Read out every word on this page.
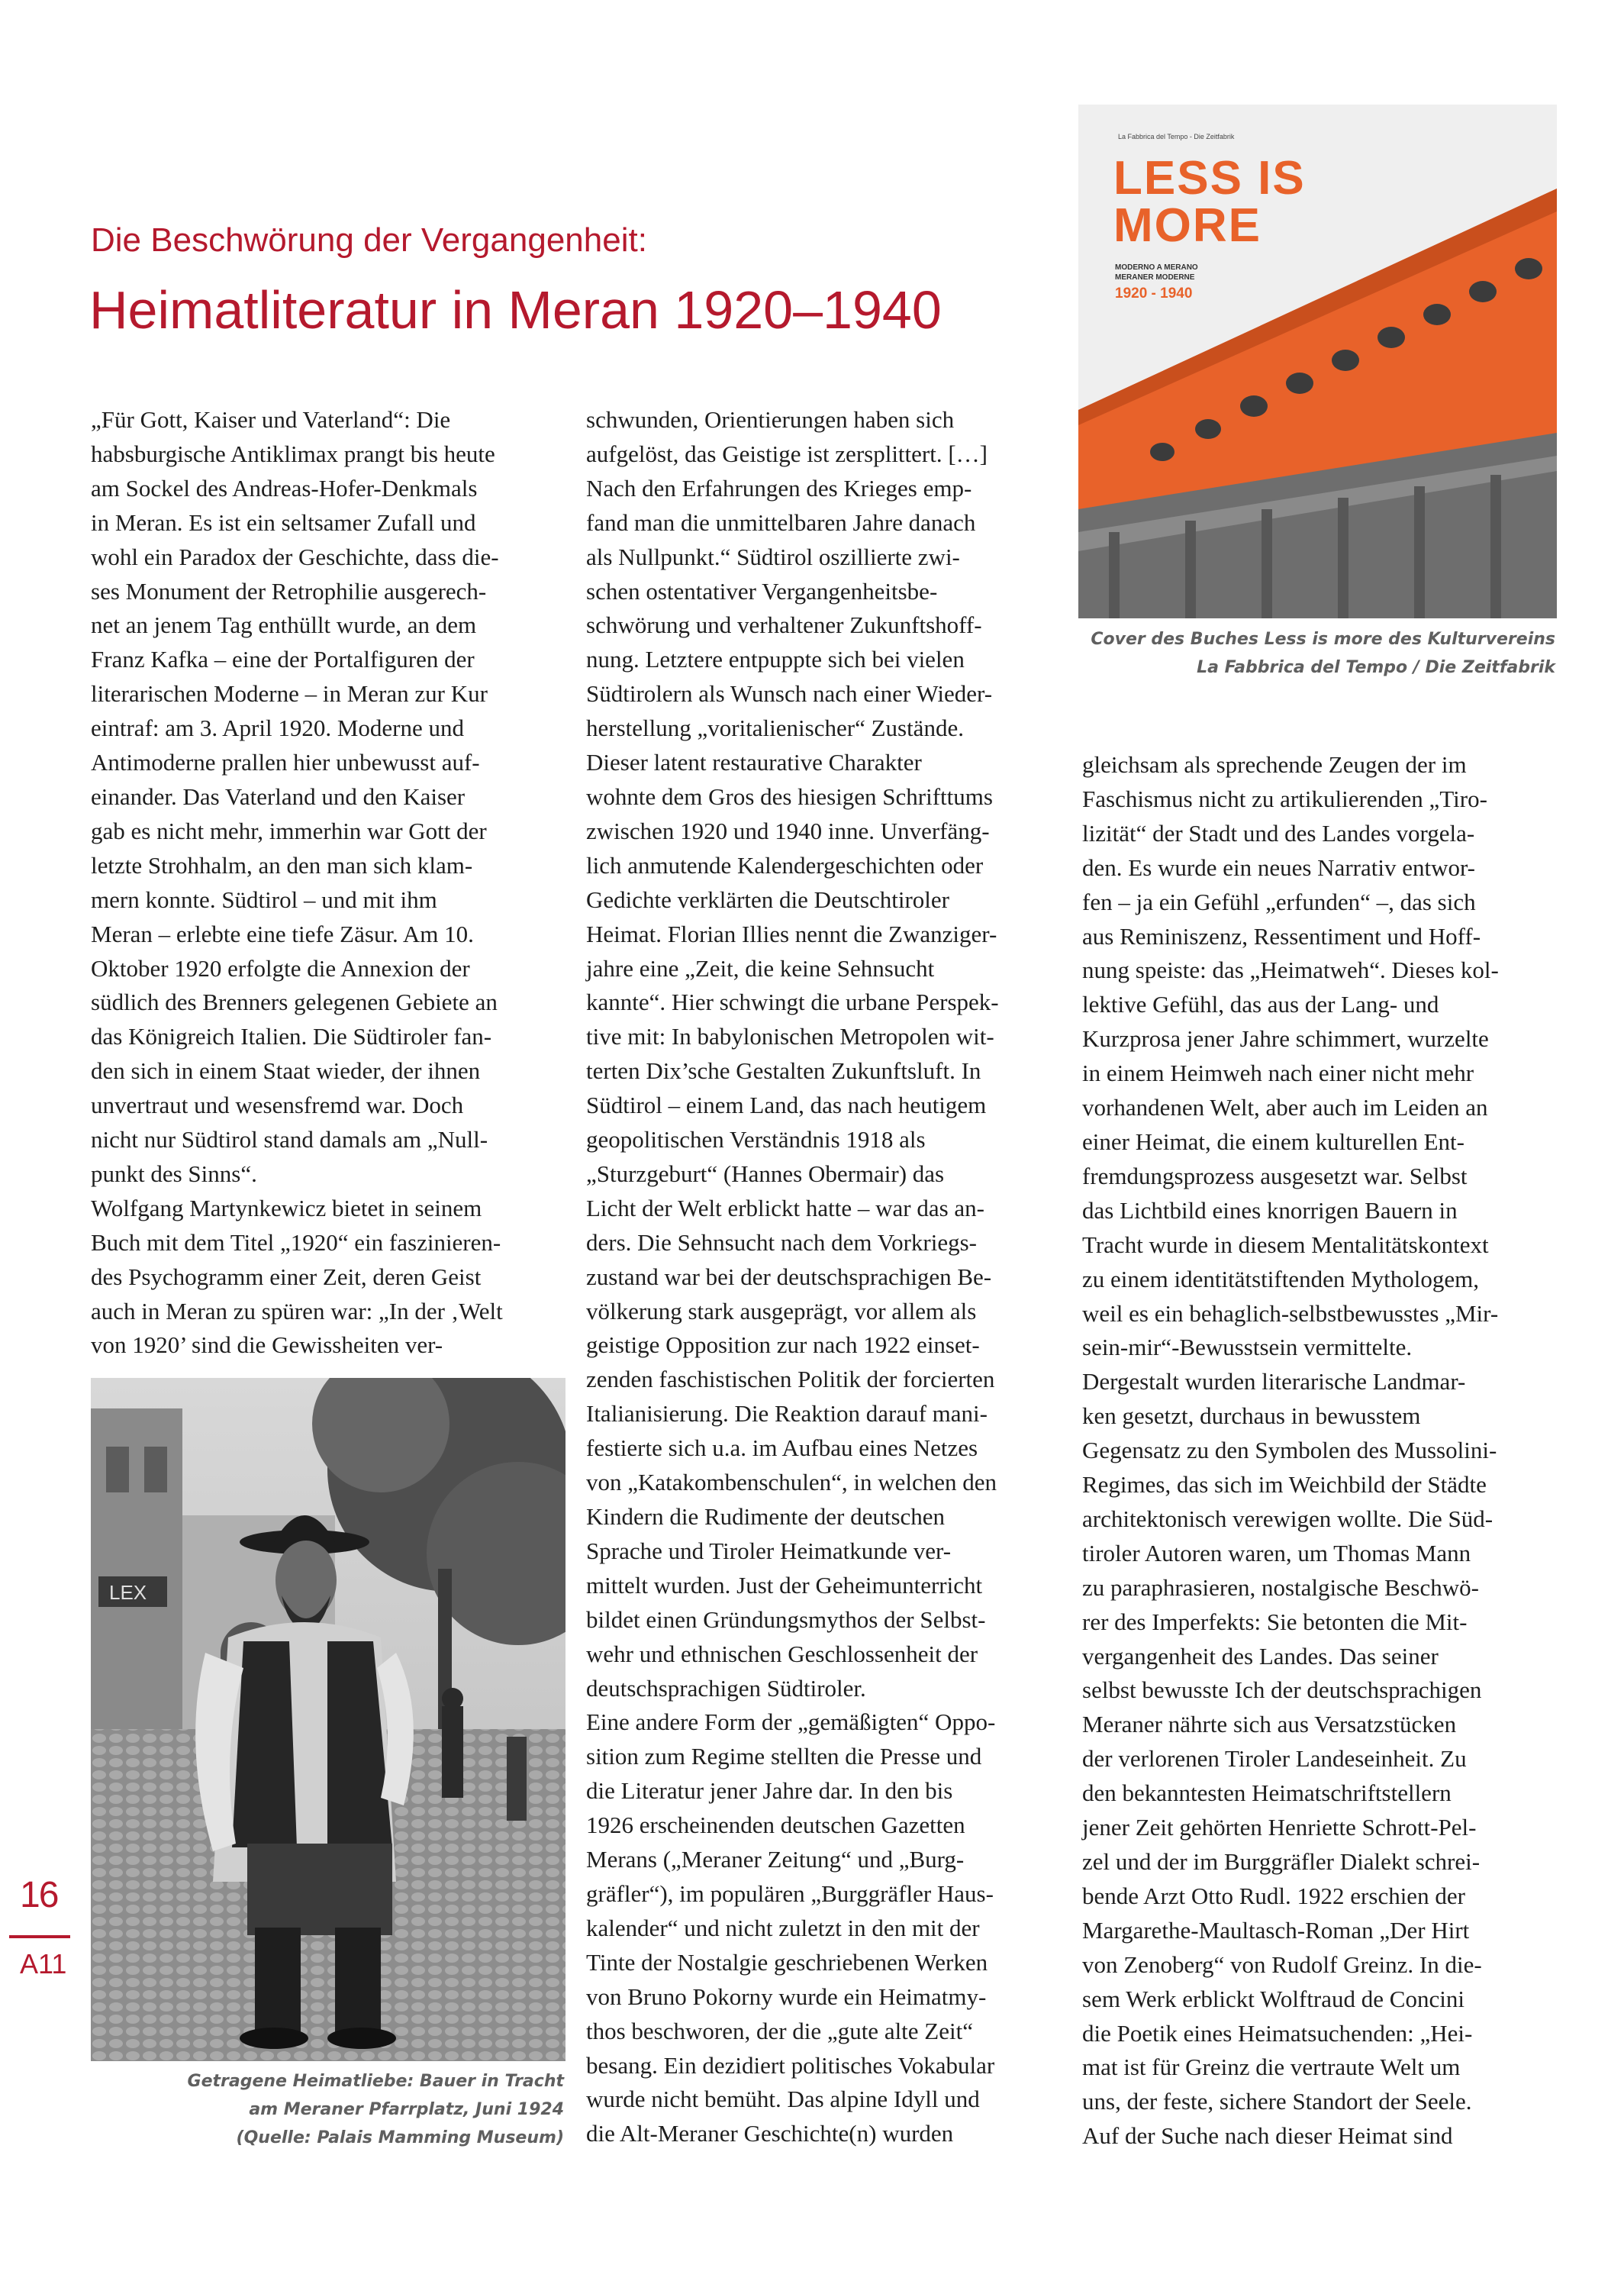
Die Beschwörung der Vergangenheit:
Heimatliteratur in Meran 1920–1940

„Für Gott, Kaiser und Vaterland“: Die
habsburgische Antiklimax prangt bis heute
am Sockel des Andreas-Hofer-Denkmals
in Meran. Es ist ein seltsamer Zufall und
wohl ein Paradox der Geschichte, dass die-
ses Monument der Retrophilie ausgerech-
net an jenem Tag enthüllt wurde, an dem
Franz Kafka – eine der Portalfiguren der
literarischen Moderne – in Meran zur Kur
eintraf: am 3. April 1920. Moderne und
Antimoderne prallen hier unbewusst auf-
einander. Das Vaterland und den Kaiser
gab es nicht mehr, immerhin war Gott der
letzte Strohhalm, an den man sich klam-
mern konnte. Südtirol – und mit ihm
Meran – erlebte eine tiefe Zäsur. Am 10.
Oktober 1920 erfolgte die Annexion der
südlich des Brenners gelegenen Gebiete an
das Königreich Italien. Die Südtiroler fan-
den sich in einem Staat wieder, der ihnen
unvertraut und wesensfremd war. Doch
nicht nur Südtirol stand damals am „Null-
punkt des Sinns“.
Wolfgang Martynkewicz bietet in seinem
Buch mit dem Titel „1920“ ein faszinieren-
des Psychogramm einer Zeit, deren Geist
auch in Meran zu spüren war: „In der ‚Welt
von 1920’ sind die Gewissheiten ver-

schwunden, Orientierungen haben sich
aufgelöst, das Geistige ist zersplittert. […]
Nach den Erfahrungen des Krieges emp-
fand man die unmittelbaren Jahre danach
als Nullpunkt.“ Südtirol oszillierte zwi-
schen ostentativer Vergangenheitsbe-
schwörung und verhaltener Zukunftshoff-
nung. Letztere entpuppte sich bei vielen
Südtirolern als Wunsch nach einer Wieder-
herstellung „voritalienischer“ Zustände.
Dieser latent restaurative Charakter
wohnte dem Gros des hiesigen Schrifttums
zwischen 1920 und 1940 inne. Unverfäng-
lich anmutende Kalendergeschichten oder
Gedichte verklärten die Deutschtiroler
Heimat. Florian Illies nennt die Zwanziger-
jahre eine „Zeit, die keine Sehnsucht
kannte“. Hier schwingt die urbane Perspek-
tive mit: In babylonischen Metropolen wit-
terten Dix’sche Gestalten Zukunftsluft. In
Südtirol – einem Land, das nach heutigem
geopolitischen Verständnis 1918 als
„Sturzgeburt“ (Hannes Obermair) das
Licht der Welt erblickt hatte – war das an-
ders. Die Sehnsucht nach dem Vorkriegs-
zustand war bei der deutschsprachigen Be-
völkerung stark ausgeprägt, vor allem als
geistige Opposition zur nach 1922 einset-
zenden faschistischen Politik der forcierten
Italianisierung. Die Reaktion darauf mani-
festierte sich u.a. im Aufbau eines Netzes
von „Katakombenschulen“, in welchen den
Kindern die Rudimente der deutschen
Sprache und Tiroler Heimatkunde ver-
mittelt wurden. Just der Geheimunterricht
bildet einen Gründungsmythos der Selbst-
wehr und ethnischen Geschlossenheit der
deutschsprachigen Südtiroler.
Eine andere Form der „gemäßigten“ Oppo-
sition zum Regime stellten die Presse und
die Literatur jener Jahre dar. In den bis
1926 erscheinenden deutschen Gazetten
Merans („Meraner Zeitung“ und „Burg-
gräfler“), im populären „Burggräfler Haus-
kalender“ und nicht zuletzt in den mit der
Tinte der Nostalgie geschriebenen Werken
von Bruno Pokorny wurde ein Heimatmy-
thos beschworen, der die „gute alte Zeit“
besang. Ein dezidiert politisches Vokabular
wurde nicht bemüht. Das alpine Idyll und
die Alt-Meraner Geschichte(n) wurden

gleichsam als sprechende Zeugen der im
Faschismus nicht zu artikulierenden „Tiro-
lizität“ der Stadt und des Landes vorgela-
den. Es wurde ein neues Narrativ entwor-
fen – ja ein Gefühl „erfunden“ –, das sich
aus Reminiszenz, Ressentiment und Hoff-
nung speiste: das „Heimatweh“. Dieses kol-
lektive Gefühl, das aus der Lang- und
Kurzprosa jener Jahre schimmert, wurzelte
in einem Heimweh nach einer nicht mehr
vorhandenen Welt, aber auch im Leiden an
einer Heimat, die einem kulturellen Ent-
fremdungsprozess ausgesetzt war. Selbst
das Lichtbild eines knorrigen Bauern in
Tracht wurde in diesem Mentalitätskontext
zu einem identitätstiftenden Mythologem,
weil es ein behaglich-selbstbewusstes „Mir-
sein-mir“-Bewusstsein vermittelte.
Dergestalt wurden literarische Landmar-
ken gesetzt, durchaus in bewusstem
Gegensatz zu den Symbolen des Mussolini-
Regimes, das sich im Weichbild der Städte
architektonisch verewigen wollte. Die Süd-
tiroler Autoren waren, um Thomas Mann
zu paraphrasieren, nostalgische Beschwö-
rer des Imperfekts: Sie betonten die Mit-
vergangenheit des Landes. Das seiner
selbst bewusste Ich der deutschsprachigen
Meraner nährte sich aus Versatzstücken
der verlorenen Tiroler Landeseinheit. Zu
den bekanntesten Heimatschriftstellern
jener Zeit gehörten Henriette Schrott-Pel-
zel und der im Burggräfler Dialekt schrei-
bende Arzt Otto Rudl. 1922 erschien der
Margarethe-Maultasch-Roman „Der Hirt
von Zenoberg“ von Rudolf Greinz. In die-
sem Werk erblickt Wolftraud de Concini
die Poetik eines Heimatsuchenden: „Hei-
mat ist für Greinz die vertraute Welt um
uns, der feste, sichere Standort der Seele.
Auf der Suche nach dieser Heimat sind

LEX

Getragene Heimatliebe: Bauer in Tracht
am Meraner Pfarrplatz, Juni 1924
(Quelle: Palais Mamming Museum)

La Fabbrica del Tempo - Die Zeitfabrik
LESS IS
MORE
MODERNO A MERANO
MERANER MODERNE
1920 - 1940

Cover des Buches Less is more des Kulturvereins
La Fabbrica del Tempo / Die Zeitfabrik

16
A11
